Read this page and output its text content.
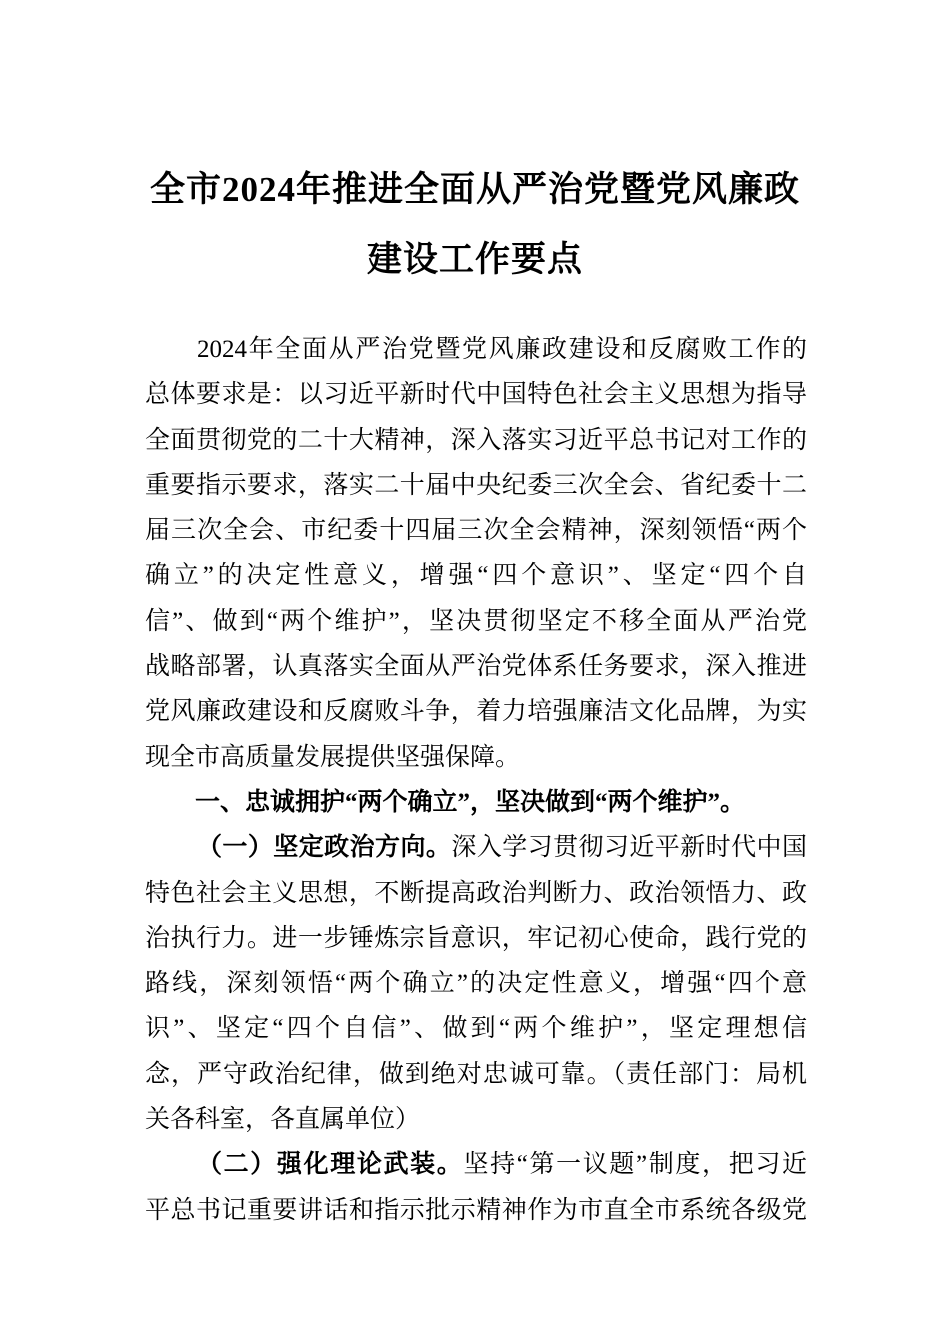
全市2024年推进全面从严治党暨党风廉政
建设工作要点
2024年全面从严治党暨党风廉政建设和反腐败工作的
总体要求是：以习近平新时代中国特色社会主义思想为指导
全面贯彻党的二十大精神，深入落实习近平总书记对工作的
重要指示要求，落实二十届中央纪委三次全会、省纪委十二
届三次全会、市纪委十四届三次全会精神，深刻领悟“两个
确立”的决定性意义，增强“四个意识”、坚定“四个自
信”、做到“两个维护”，坚决贯彻坚定不移全面从严治党
战略部署，认真落实全面从严治党体系任务要求，深入推进
党风廉政建设和反腐败斗争，着力培强廉洁文化品牌，为实
现全市高质量发展提供坚强保障。
一、忠诚拥护“两个确立”，坚决做到“两个维护”。
（一）坚定政治方向。深入学习贯彻习近平新时代中国
特色社会主义思想，不断提高政治判断力、政治领悟力、政
治执行力。进一步锤炼宗旨意识，牢记初心使命，践行党的
路线，深刻领悟“两个确立”的决定性意义，增强“四个意
识”、坚定“四个自信”、做到“两个维护”，坚定理想信
念，严守政治纪律，做到绝对忠诚可靠。（责任部门：局机
关各科室，各直属单位）
（二）强化理论武装。坚持“第一议题”制度，把习近
平总书记重要讲话和指示批示精神作为市直全市系统各级党
